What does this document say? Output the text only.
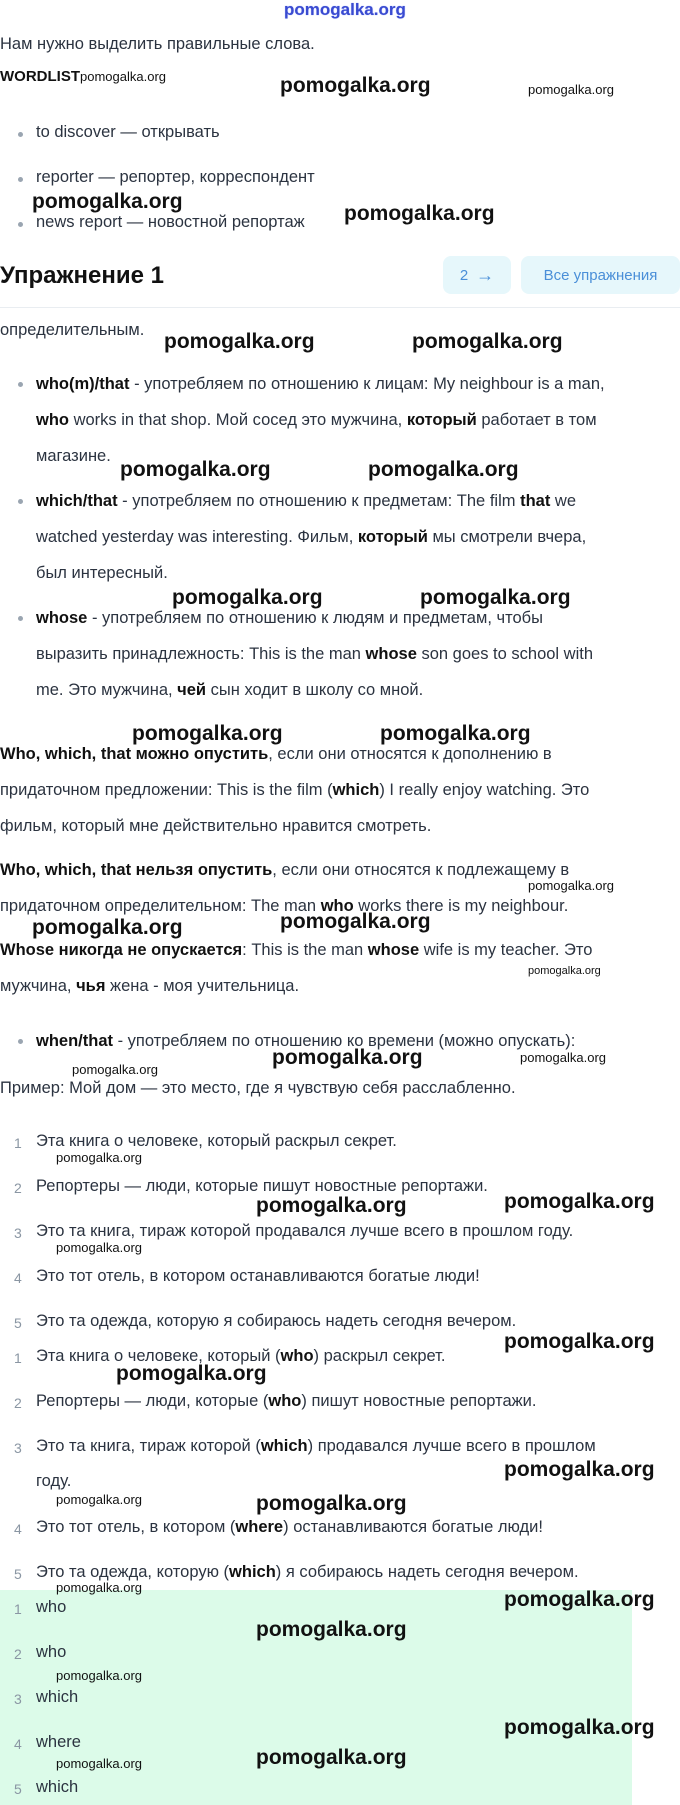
pomogalka.org
Нам нужно выделить правильные слова.
WORDLISTpomogalka.org	pomogalka.org	pomogalka.org
to discover — открывать
reporter — репортер, корреспондент
news report — новостной репортаж
pomogalka.org
pomogalka.org
Упражнение 1	2 →	Все упражнения
определительным. pomogalka.org	pomogalka.org
who(m)/that - употребляем по отношению к лицам: My neighbour is a man,
who works in that shop. Мой сосед это мужчина, который работает в том
магазине.
pomogalka.org	pomogalka.org
which/that - употребляем по отношению к предметам: The film that we
watched yesterday was interesting. Фильм, который мы смотрели вчера,
был интересный.
pomogalka.org	pomogalka.org
whose - употребляем по отношению к людям и предметам, чтобы
выразить принадлежность: This is the man whose son goes to school with
me. Это мужчина, чей сын ходит в школу со мной.
pomogalka.org	pomogalka.org
Who, which, that можно опустить, если они относятся к дополнению в
придаточном предложении: This is the film (which) I really enjoy watching. Это
фильм, который мне действительно нравится смотреть.
Who, which, that нельзя опустить, если они относятся к подлежащему в
pomogalka.org
придаточном определительном: The man who works there is my neighbour.
pomogalka.org	pomogalka.org
Whose никогда не опускается: This is the man whose wife is my teacher. Это
pomogalka.org
мужчина, чья жена - моя учительница.
when/that - употребляем по отношению ко времени (можно опускать):
pomogalka.org	pomogalka.org
pomogalka.org
Пример: Мой дом — это место, где я чувствую себя расслабленно.
1 Эта книга о человеке, который раскрыл секрет.
pomogalka.org
2 Репортеры — люди, которые пишут новостные репортажи.
pomogalka.org	pomogalka.org
3 Это та книга, тираж которой продавался лучше всего в прошлом году.
pomogalka.org
4 Это тот отель, в котором останавливаются богатые люди!
5 Это та одежда, которую я собираюсь надеть сегодня вечером.
1 Эта книга о человеке, который (who) раскрыл секрет.
pomogalka.org
pomogalka.org
2 Репортеры — люди, которые (who) пишут новостные репортажи.
3 Это та книга, тираж которой (which) продавался лучше всего в прошлом
году.	pomogalka.org
pomogalka.org	pomogalka.org
4 Это тот отель, в котором (where) останавливаются богатые люди!
5 Это та одежда, которую (which) я собираюсь надеть сегодня вечером.
pomogalka.org
pomogalka.org
1 who
pomogalka.org
2 who
pomogalka.org
3 which
pomogalka.org
4 where
pomogalka.org	pomogalka.org
5 which
